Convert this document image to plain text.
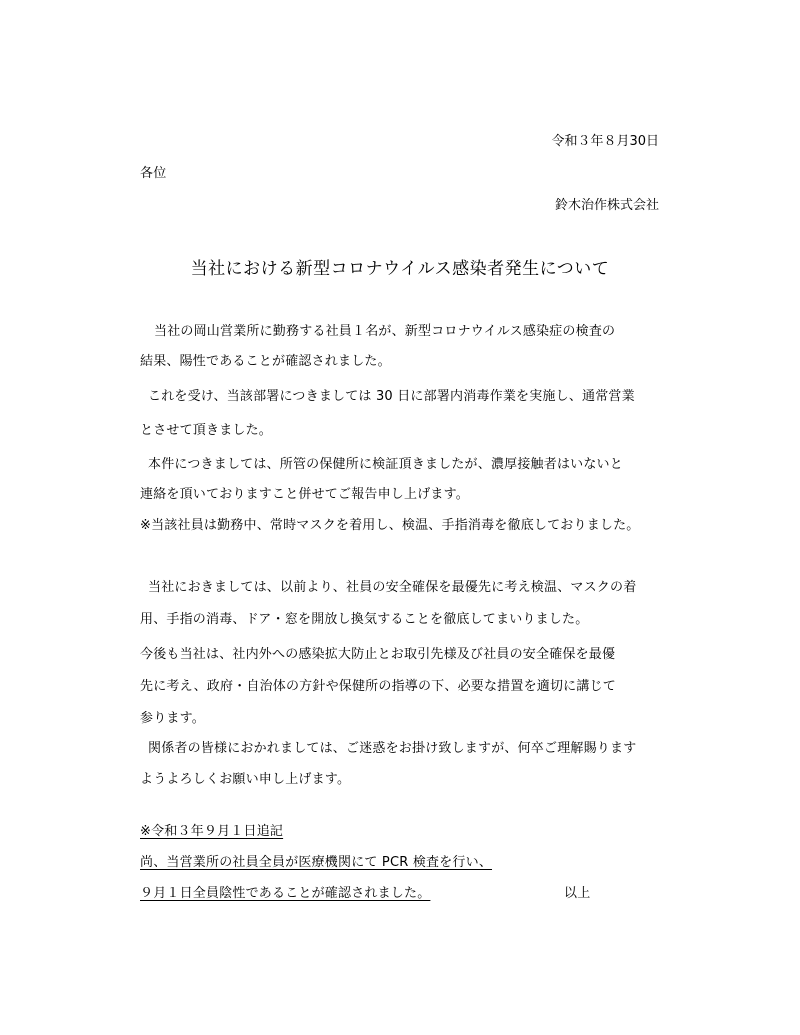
令和３年８月30日
各位
鈴木治作株式会社
当社における新型コロナウイルス感染者発生について
当社の岡山営業所に勤務する社員１名が、新型コロナウイルス感染症の検査の
結果、陽性であることが確認されました。
これを受け、当該部署につきましては 30 日に部署内消毒作業を実施し、通常営業
とさせて頂きました。
本件につきましては、所管の保健所に検証頂きましたが、濃厚接触者はいないと
連絡を頂いておりますこと併せてご報告申し上げます。
※当該社員は勤務中、常時マスクを着用し、検温、手指消毒を徹底しておりました。
当社におきましては、以前より、社員の安全確保を最優先に考え検温、マスクの着
用、手指の消毒、ドア・窓を開放し換気することを徹底してまいりました。
今後も当社は、社内外への感染拡大防止とお取引先様及び社員の安全確保を最優
先に考え、政府・自治体の方針や保健所の指導の下、必要な措置を適切に講じて
参ります。
関係者の皆様におかれましては、ご迷惑をお掛け致しますが、何卒ご理解賜ります
ようよろしくお願い申し上げます。
※令和３年９月１日追記
尚、当営業所の社員全員が医療機関にて PCR 検査を行い、
９月１日全員陰性であることが確認されました。	以上
